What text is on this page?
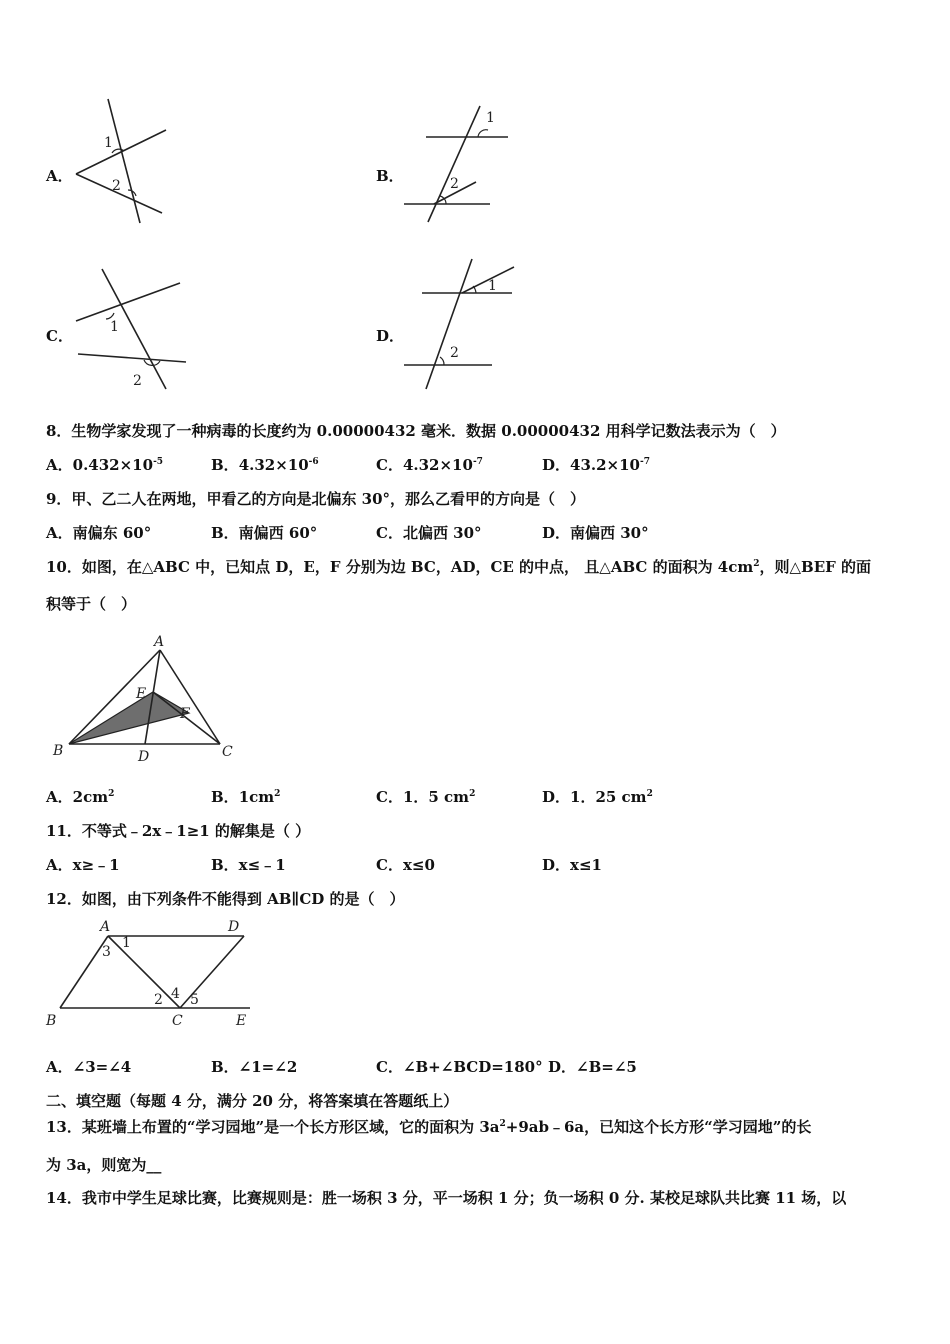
A．
1
2
B．
1
2
C．	1
2
D．
1
2
8．生物学家发现了一种病毒的长度约为 0.00000432 毫米．数据 0.00000432 用科学记数法表示为（　）
A．$0.432\times 10^{-5}$	B．$4.32\times 10^{-6}$	C．$4.32\times 10^{-7}$	D．$43.2\times 10^{-7}$
9．甲、乙二人在两地，甲看乙的方向是北偏东 30°，那么乙看甲的方向是（　）
A．南偏东 60°	B．南偏西 60°	C．北偏西 30°	D．南偏西 30°
10．如图，在△ABC 中，已知点 D，E，F 分别为边 BC，AD，CE 的中点， 且△ABC 的面积为 $4cm^2$，则△BEF 的面
积等于（　）
A
B	C
D
E
F
A．$2cm^2$	B．$1cm^2$	C．1．5 $cm^2$	D．1．25 $cm^2$
11．不等式﹣2x﹣1≥1 的解集是（ ）
A．x≥﹣1	B．x≤﹣1	C．x≤0	D．x≤1
12．如图，由下列条件不能得到 AB∥CD 的是（　）
A	D
B	C	E
1
3
2 4 5
A．∠3=∠4	B．∠1=∠2	C．∠B+∠BCD=180° D．∠B=∠5
二、填空题（每题 4 分，满分 20 分，将答案填在答题纸上）
13．某班墙上布置的“学习园地”是一个长方形区域，它的面积为 $3a^2+9ab﹣6a$，已知这个长方形“学习园地”的长
为 3a，则宽为__
14．我市中学生足球比赛，比赛规则是：胜一场积 3 分，平一场积 1 分；负一场积 0 分. 某校足球队共比赛 11 场，以
